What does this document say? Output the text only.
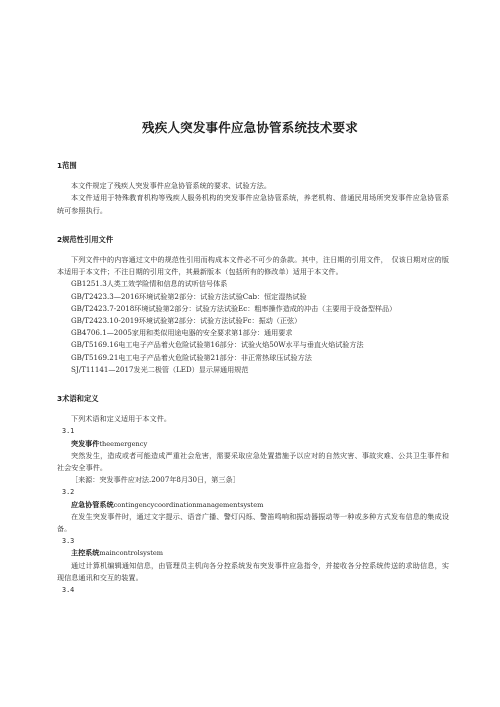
残疾人突发事件应急协管系统技术要求
1范围

本文件规定了残疾人突发事件应急协管系统的要求、试验方法。

本文件适用于特殊教育机构等残疾人服务机构的突发事件应急协管系统，养老机构、普通民用场所突发事件应急协管系统可参照执行。

2规范性引用文件

下列文件中的内容通过文中的规范性引用而构成本文件必不可少的条款。其中，注日期的引用文件，　仅该日期对应的版本适用于本文件；不注日期的引用文件，其最新版本（包括所有的修改单）适用于本文件。

GB1251.3人类工效学险情和信息的试听信号体系

GB/T2423.3—2016环境试验第2部分：试验方法试验Cab：恒定湿热试验

GB/T2423.7-2018环境试验第2部分：试验方法试验Ec：粗率操作造成的冲击（主要用于设备型样品）

GB/T2423.10-2019环境试验第2部分：试验方法试验Fc：振动（正弦）

GB4706.1—2005家用和类似用途电器的安全要求第1部分：通用要求

GB/T5169.16电工电子产品着火危险试验第16部分：试验火焰50W水平与垂直火焰试验方法

GB/T5169.21电工电子产品着火危险试验第21部分：非正常热球压试验方法

SJ/T11141—2017发光二极管（LED）显示屏通用规范

3术语和定义

下列术语和定义适用于本文件。

3.1

突发事件theemergency

突然发生，造成或者可能造成严重社会危害，需要采取应急处置措施予以应对的自然灾害、事故灾难、公共卫生事件和社会安全事件。

［来源：突发事件应对法.2007年8月30日，第三条］

3.2

应急协管系统contingencycoordinationmanagementsystem

在发生突发事件时，通过文字提示、语音广播、警灯闪烁、警笛鸣响和振动器振动等一种或多种方式发布信息的集成设备。

3.3

主控系统maincontrolsystem

通过计算机编辑通知信息，由管理员主机向各分控系统发布突发事件应急指令，并接收各分控系统传送的求助信息，实现信息通讯和交互的装置。

3.4
